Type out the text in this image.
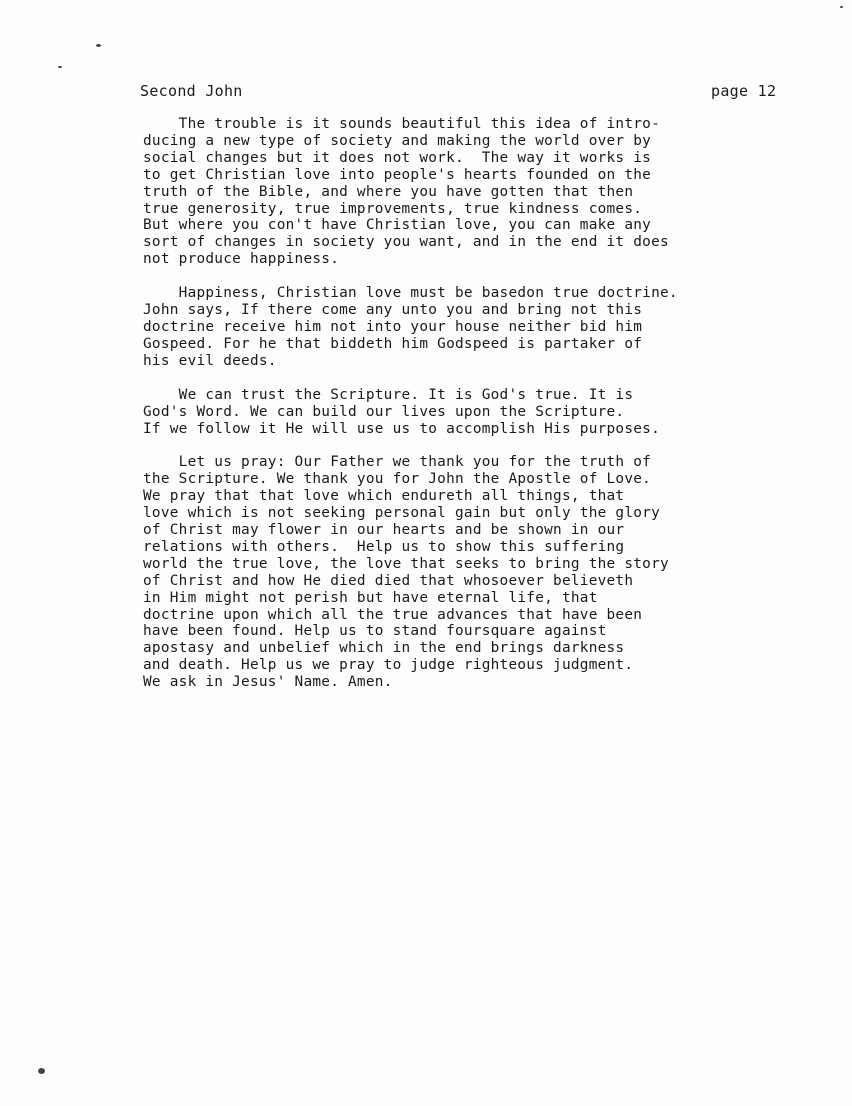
Second John	page 12
The trouble is it sounds beautiful this idea of intro-
ducing a new type of society and making the world over by
social changes but it does not work.  The way it works is
to get Christian love into people's hearts founded on the
truth of the Bible, and where you have gotten that then
true generosity, true improvements, true kindness comes.
But where you con't have Christian love, you can make any
sort of changes in society you want, and in the end it does
not produce happiness.
Happiness, Christian love must be basedon true doctrine.
John says, If there come any unto you and bring not this
doctrine receive him not into your house neither bid him
Gospeed. For he that biddeth him Godspeed is partaker of
his evil deeds.
We can trust the Scripture. It is God's true. It is
God's Word. We can build our lives upon the Scripture.
If we follow it He will use us to accomplish His purposes.
Let us pray: Our Father we thank you for the truth of
the Scripture. We thank you for John the Apostle of Love.
We pray that that love which endureth all things, that
love which is not seeking personal gain but only the glory
of Christ may flower in our hearts and be shown in our
relations with others.  Help us to show this suffering
world the true love, the love that seeks to bring the story
of Christ and how He died died that whosoever believeth
in Him might not perish but have eternal life, that
doctrine upon which all the true advances that have been
have been found. Help us to stand foursquare against
apostasy and unbelief which in the end brings darkness
and death. Help us we pray to judge righteous judgment.
We ask in Jesus' Name. Amen.
